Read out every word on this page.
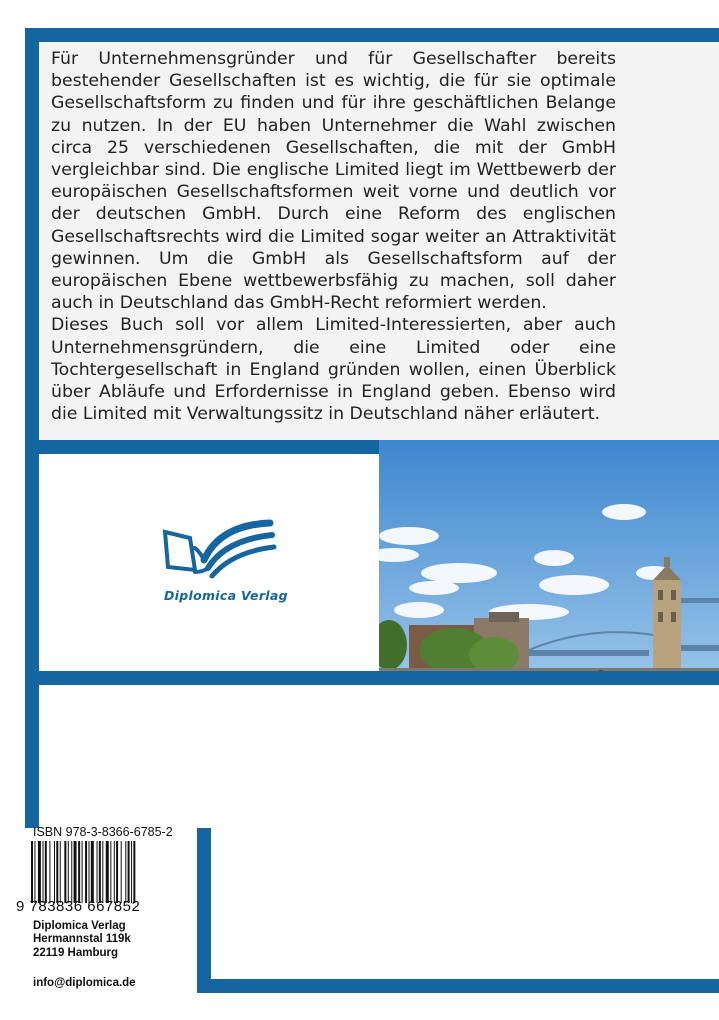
Für Unternehmensgründer und für Gesellschafter bereits bestehender Gesellschaften ist es wichtig, die für sie optimale Gesellschaftsform zu finden und für ihre geschäftlichen Belange zu nutzen. In der EU haben Unternehmer die Wahl zwischen circa 25 verschiedenen Gesellschaften, die mit der GmbH vergleichbar sind. Die englische Limited liegt im Wettbewerb der europäischen Gesellschaftsformen weit vorne und deutlich vor der deutschen GmbH. Durch eine Reform des englischen Gesellschaftsrechts wird die Limited sogar weiter an Attraktivität gewinnen. Um die GmbH als Gesellschaftsform auf der europäischen Ebene wettbewerbsfähig zu machen, soll daher auch in Deutschland das GmbH-Recht reformiert werden.

Dieses Buch soll vor allem Limited-Interessierten, aber auch Unternehmensgründern, die eine Limited oder eine Tochtergesellschaft in England gründen wollen, einen Überblick über Abläufe und Erfordernisse in England geben. Ebenso wird die Limited mit Verwaltungssitz in Deutschland näher erläutert.

Diplomica Verlag
ISBN 978-3-8366-6785-2
9 783836 667852
Diplomica Verlag
Hermannstal 119k
22119 Hamburg
info@diplomica.de
